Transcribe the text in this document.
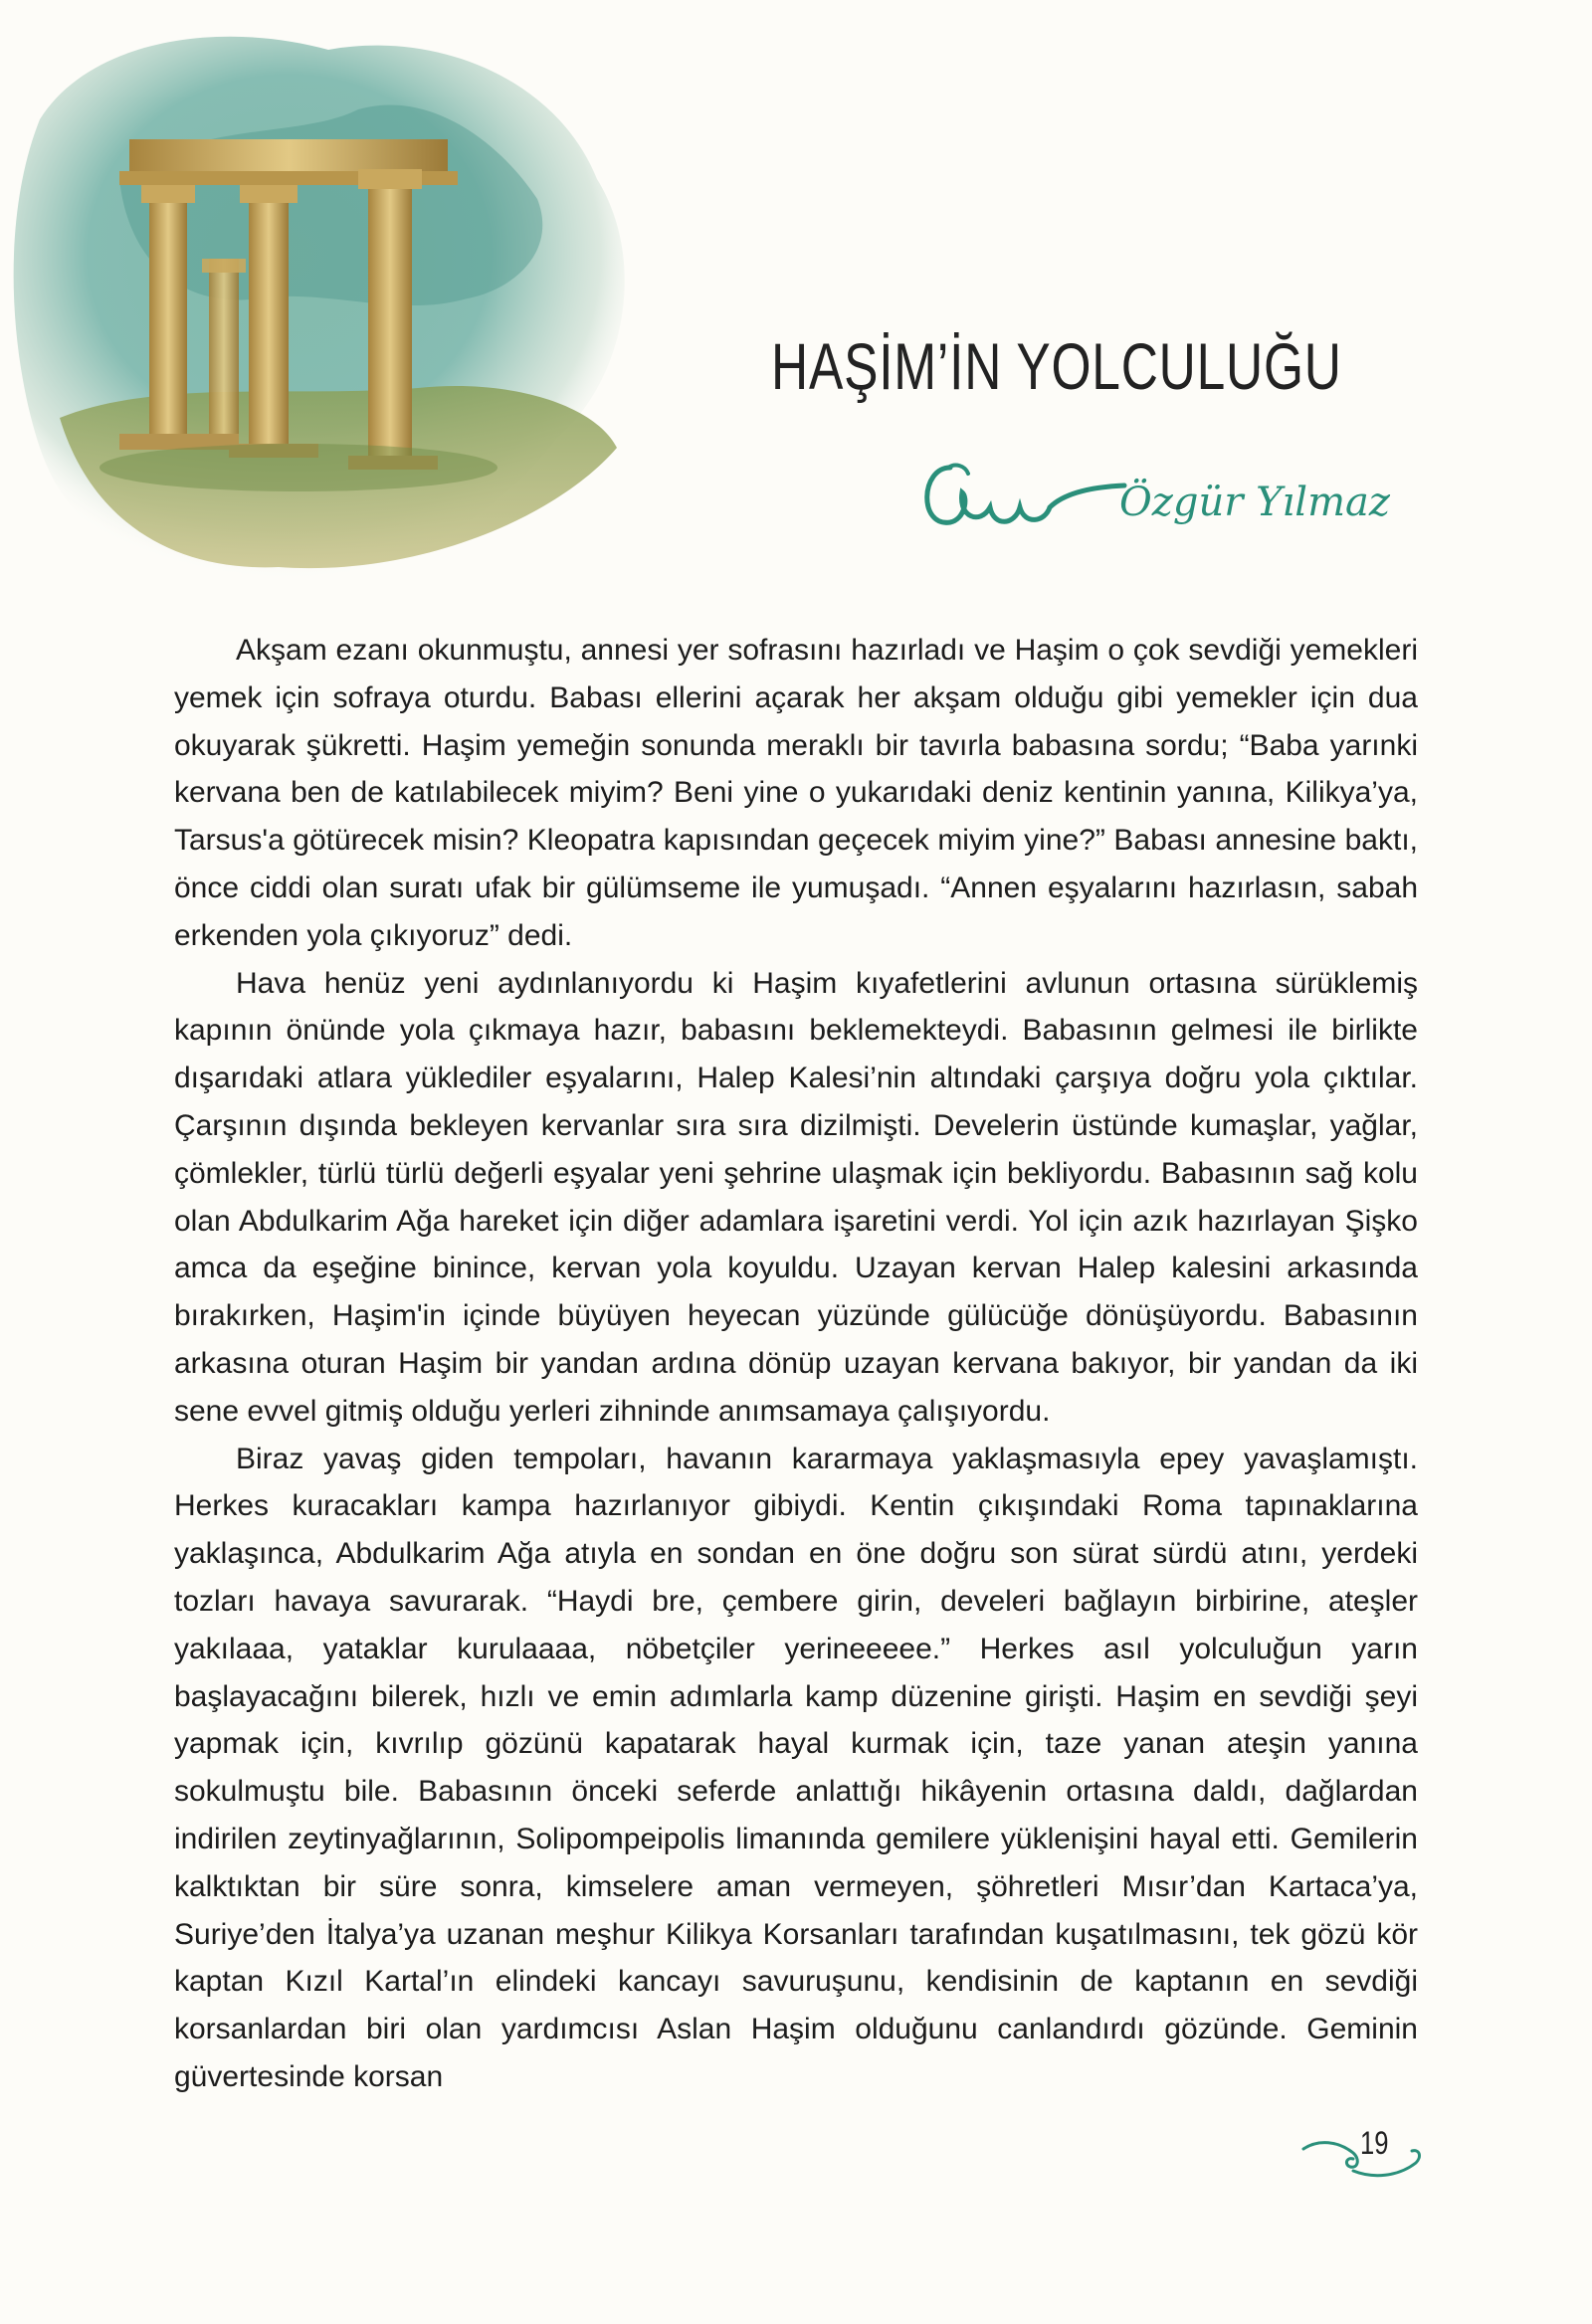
HAŞİM’İN YOLCULUĞU
Özgür Yılmaz

Akşam ezanı okunmuştu, annesi yer sofrasını hazırladı ve Haşim o çok sevdiği yemekleri yemek için sofraya oturdu. Babası ellerini açarak her akşam olduğu gibi yemekler için dua okuyarak şükretti. Haşim yemeğin sonunda meraklı bir tavırla babasına sordu; “Baba yarınki kervana ben de katılabilecek miyim? Beni yine o yukarıdaki deniz kentinin yanına, Kilikya’ya, Tarsus'a götürecek misin? Kleopatra kapısından geçecek miyim yine?” Babası annesine baktı, önce ciddi olan suratı ufak bir gülümseme ile yumuşadı. “Annen eşyalarını hazırlasın, sabah erkenden yola çıkıyoruz” dedi.

Hava henüz yeni aydınlanıyordu ki Haşim kıyafetlerini avlunun ortasına sürüklemiş kapının önünde yola çıkmaya hazır, babasını beklemekteydi. Babasının gelmesi ile birlikte dışarıdaki atlara yüklediler eşyalarını, Halep Kalesi’nin altındaki çarşıya doğru yola çıktılar. Çarşının dışında bekleyen kervanlar sıra sıra dizilmişti. Develerin üstünde kumaşlar, yağlar, çömlekler, türlü türlü değerli eşyalar yeni şehrine ulaşmak için bekliyordu. Babasının sağ kolu olan Abdulkarim Ağa hareket için diğer adamlara işaretini verdi. Yol için azık hazırlayan Şişko amca da eşeğine binince, kervan yola koyuldu. Uzayan kervan Halep kalesini arkasında bırakırken, Haşim'in içinde büyüyen heyecan yüzünde gülücüğe dönüşüyordu. Babasının arkasına oturan Haşim bir yandan ardına dönüp uzayan kervana bakıyor, bir yandan da iki sene evvel gitmiş olduğu yerleri zihninde anımsamaya çalışıyordu.

Biraz yavaş giden tempoları, havanın kararmaya yaklaşmasıyla epey yavaşlamıştı. Herkes kuracakları kampa hazırlanıyor gibiydi. Kentin çıkışındaki Roma tapınaklarına yaklaşınca, Abdulkarim Ağa atıyla en sondan en öne doğru son sürat sürdü atını, yerdeki tozları havaya savurarak. “Haydi bre, çembere girin, develeri bağlayın birbirine, ateşler yakılaaa, yataklar kurulaaaa, nöbetçiler yerineeeee.” Herkes asıl yolculuğun yarın başlayacağını bilerek, hızlı ve emin adımlarla kamp düzenine girişti. Haşim en sevdiği şeyi yapmak için, kıvrılıp gözünü kapatarak hayal kurmak için, taze yanan ateşin yanına sokulmuştu bile. Babasının önceki seferde anlattığı hikâyenin ortasına daldı, dağlardan indirilen zeytinyağlarının, Solipompeipolis limanında gemilere yüklenişini hayal etti. Gemilerin kalktıktan bir süre sonra, kimselere aman vermeyen, şöhretleri Mısır’dan Kartaca’ya, Suriye’den İtalya’ya uzanan meşhur Kilikya Korsanları tarafından kuşatılmasını, tek gözü kör kaptan Kızıl Kartal’ın elindeki kancayı savuruşunu, kendisinin de kaptanın en sevdiği korsanlardan biri olan yardımcısı Aslan Haşim olduğunu canlandırdı gözünde. Geminin güvertesinde korsan

19
